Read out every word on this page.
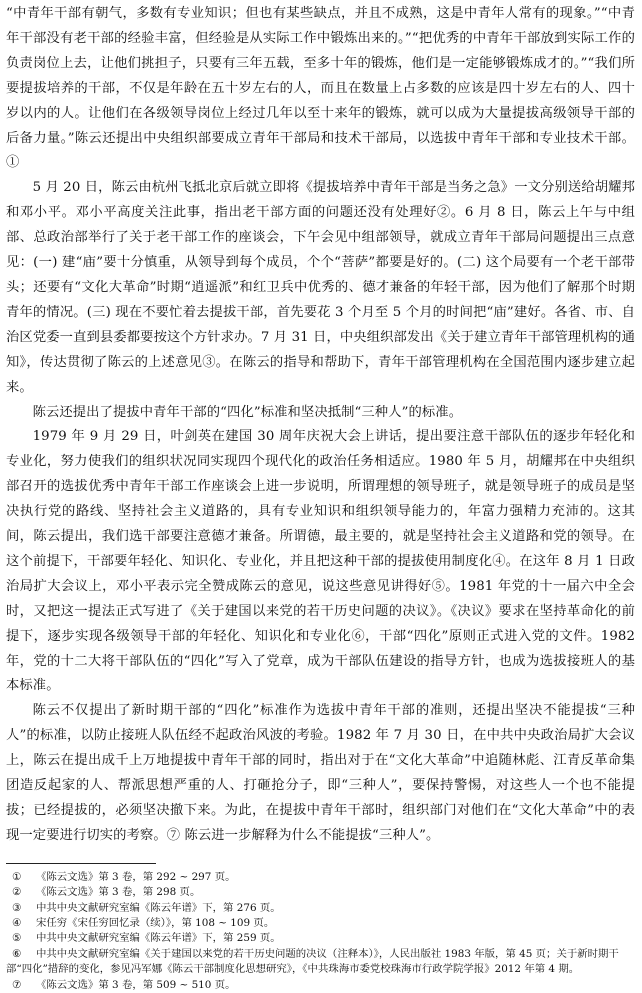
“中青年干部有朝气，多数有专业知识；但也有某些缺点，并且不成熟，这是中青年人常有的现象。”“中青年干部没有老干部的经验丰富，但经验是从实际工作中锻炼出来的。”“把优秀的中青年干部放到实际工作的负责岗位上去，让他们挑担子，只要有三年五载，至多十年的锻炼，他们是一定能够锻炼成才的。”“我们所要提拔培养的干部，不仅是年龄在五十岁左右的人，而且在数量上占多数的应该是四十岁左右的人、四十岁以内的人。让他们在各级领导岗位上经过几年以至十来年的锻炼，就可以成为大量提拔高级领导干部的后备力量。”陈云还提出中央组织部要成立青年干部局和技术干部局，以选拔中青年干部和专业技术干部。①

5 月 20 日，陈云由杭州飞抵北京后就立即将《提拔培养中青年干部是当务之急》一文分别送给胡耀邦和邓小平。邓小平高度关注此事，指出老干部方面的问题还没有处理好②。6 月 8 日，陈云上午与中组部、总政治部举行了关于老干部工作的座谈会，下午会见中组部领导，就成立青年干部局问题提出三点意见：(一) 建“庙”要十分慎重，从领导到每个成员，个个“菩萨”都要是好的。(二) 这个局要有一个老干部带头；还要有“文化大革命”时期“逍遥派”和红卫兵中优秀的、德才兼备的年轻干部，因为他们了解那个时期青年的情况。(三) 现在不要忙着去提拔干部，首先要花 3 个月至 5 个月的时间把“庙”建好。各省、市、自治区党委一直到县委都要按这个方针求办。7 月 31 日，中央组织部发出《关于建立青年干部管理机构的通知》，传达贯彻了陈云的上述意见③。在陈云的指导和帮助下，青年干部管理机构在全国范围内逐步建立起来。

陈云还提出了提拔中青年干部的“四化”标准和坚决抵制“三种人”的标准。

1979 年 9 月 29 日，叶剑英在建国 30 周年庆祝大会上讲话，提出要注意干部队伍的逐步年轻化和专业化，努力使我们的组织状况同实现四个现代化的政治任务相适应。1980 年 5 月，胡耀邦在中央组织部召开的选拔优秀中青年干部工作座谈会上进一步说明，所谓理想的领导班子，就是领导班子的成员是坚决执行党的路线、坚持社会主义道路的，具有专业知识和组织领导能力的，年富力强精力充沛的。这其间，陈云提出，我们选干部要注意德才兼备。所谓德，最主要的，就是坚持社会主义道路和党的领导。在这个前提下，干部要年轻化、知识化、专业化，并且把这种干部的提拔使用制度化④。在这年 8 月 1 日政治局扩大会议上，邓小平表示完全赞成陈云的意见，说这些意见讲得好⑤。1981 年党的十一届六中全会时，又把这一提法正式写进了《关于建国以来党的若干历史问题的决议》。《决议》要求在坚持革命化的前提下，逐步实现各级领导干部的年轻化、知识化和专业化⑥，干部“四化”原则正式进入党的文件。1982 年，党的十二大将干部队伍的“四化”写入了党章，成为干部队伍建设的指导方针，也成为选拔接班人的基本标准。

陈云不仅提出了新时期干部的“四化”标准作为选拔中青年干部的准则，还提出坚决不能提拔“三种人”的标准，以防止接班人队伍经不起政治风波的考验。1982 年 7 月 30 日，在中共中央政治局扩大会议上，陈云在提出成千上万地提拔中青年干部的同时，指出对于在“文化大革命”中追随林彪、江青反革命集团造反起家的人、帮派思想严重的人、打砸抢分子，即“三种人”，要保持警惕，对这些人一个也不能提拔；已经提拔的，必须坚决撤下来。为此，在提拔中青年干部时，组织部门对他们在“文化大革命”中的表现一定要进行切实的考察。⑦ 陈云进一步解释为什么不能提拔“三种人”。

①	《陈云文选》第 3 卷，第 292 ~ 297 页。
②	《陈云文选》第 3 卷，第 298 页。
③	中共中央文献研究室编《陈云年谱》下，第 276 页。
④	宋任穷《宋任穷回忆录（续）》，第 108 ~ 109 页。
⑤	中共中央文献研究室编《陈云年谱》下，第 259 页。
⑥ 中共中央文献研究室编《关于建国以来党的若干历史问题的决议（注释本）》，人民出版社 1983 年版，第 45 页；关于新时期干部“四化”措辞的变化，参见冯军娜《陈云干部制度化思想研究》，《中共珠海市委党校珠海市行政学院学报》2012 年第 4 期。
⑦	《陈云文选》第 3 卷，第 509 ~ 510 页。
